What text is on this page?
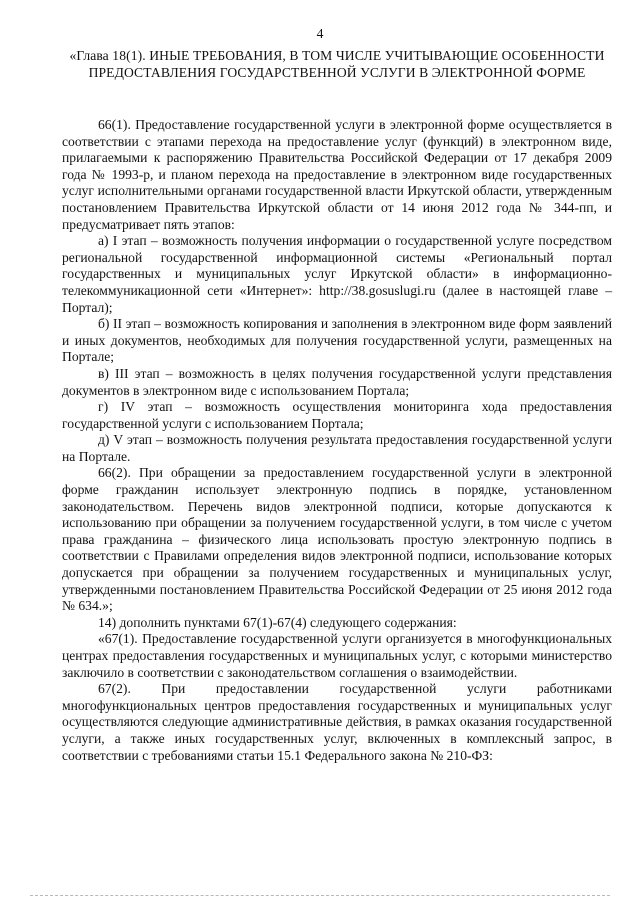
4
«Глава 18(1). ИНЫЕ ТРЕБОВАНИЯ, В ТОМ ЧИСЛЕ УЧИТЫВАЮЩИЕ ОСОБЕННОСТИ ПРЕДОСТАВЛЕНИЯ ГОСУДАРСТВЕННОЙ УСЛУГИ В ЭЛЕКТРОННОЙ ФОРМЕ

66(1). Предоставление государственной услуги в электронной форме осуществляется в соответствии с этапами перехода на предоставление услуг (функций) в электронном виде, прилагаемыми к распоряжению Правительства Российской Федерации от 17 декабря 2009 года № 1993-р, и планом перехода на предоставление в электронном виде государственных услуг исполнительными органами государственной власти Иркутской области, утвержденным постановлением Правительства Иркутской области от 14 июня 2012 года № 344-пп, и предусматривает пять этапов:

а) I этап – возможность получения информации о государственной услуге посредством региональной государственной информационной системы «Региональный портал государственных и муниципальных услуг Иркутской области» в информационно-телекоммуникационной сети «Интернет»: http://38.gosuslugi.ru (далее в настоящей главе – Портал);

б) II этап – возможность копирования и заполнения в электронном виде форм заявлений и иных документов, необходимых для получения государственной услуги, размещенных на Портале;

в) III этап – возможность в целях получения государственной услуги представления документов в электронном виде с использованием Портала;

г) IV этап – возможность осуществления мониторинга хода предоставления государственной услуги с использованием Портала;

д) V этап – возможность получения результата предоставления государственной услуги на Портале.

66(2). При обращении за предоставлением государственной услуги в электронной форме гражданин использует электронную подпись в порядке, установленном законодательством. Перечень видов электронной подписи, которые допускаются к использованию при обращении за получением государственной услуги, в том числе с учетом права гражданина – физического лица использовать простую электронную подпись в соответствии с Правилами определения видов электронной подписи, использование которых допускается при обращении за получением государственных и муниципальных услуг, утвержденными постановлением Правительства Российской Федерации от 25 июня 2012 года № 634.»;

14) дополнить пунктами 67(1)-67(4) следующего содержания:

«67(1). Предоставление государственной услуги организуется в многофункциональных центрах предоставления государственных и муниципальных услуг, с которыми министерство заключило в соответствии с законодательством соглашения о взаимодействии.

67(2). При предоставлении государственной услуги работниками многофункциональных центров предоставления государственных и муниципальных услуг осуществляются следующие административные действия, в рамках оказания государственной услуги, а также иных государственных услуг, включенных в комплексный запрос, в соответствии с требованиями статьи 15.1 Федерального закона № 210-ФЗ:
